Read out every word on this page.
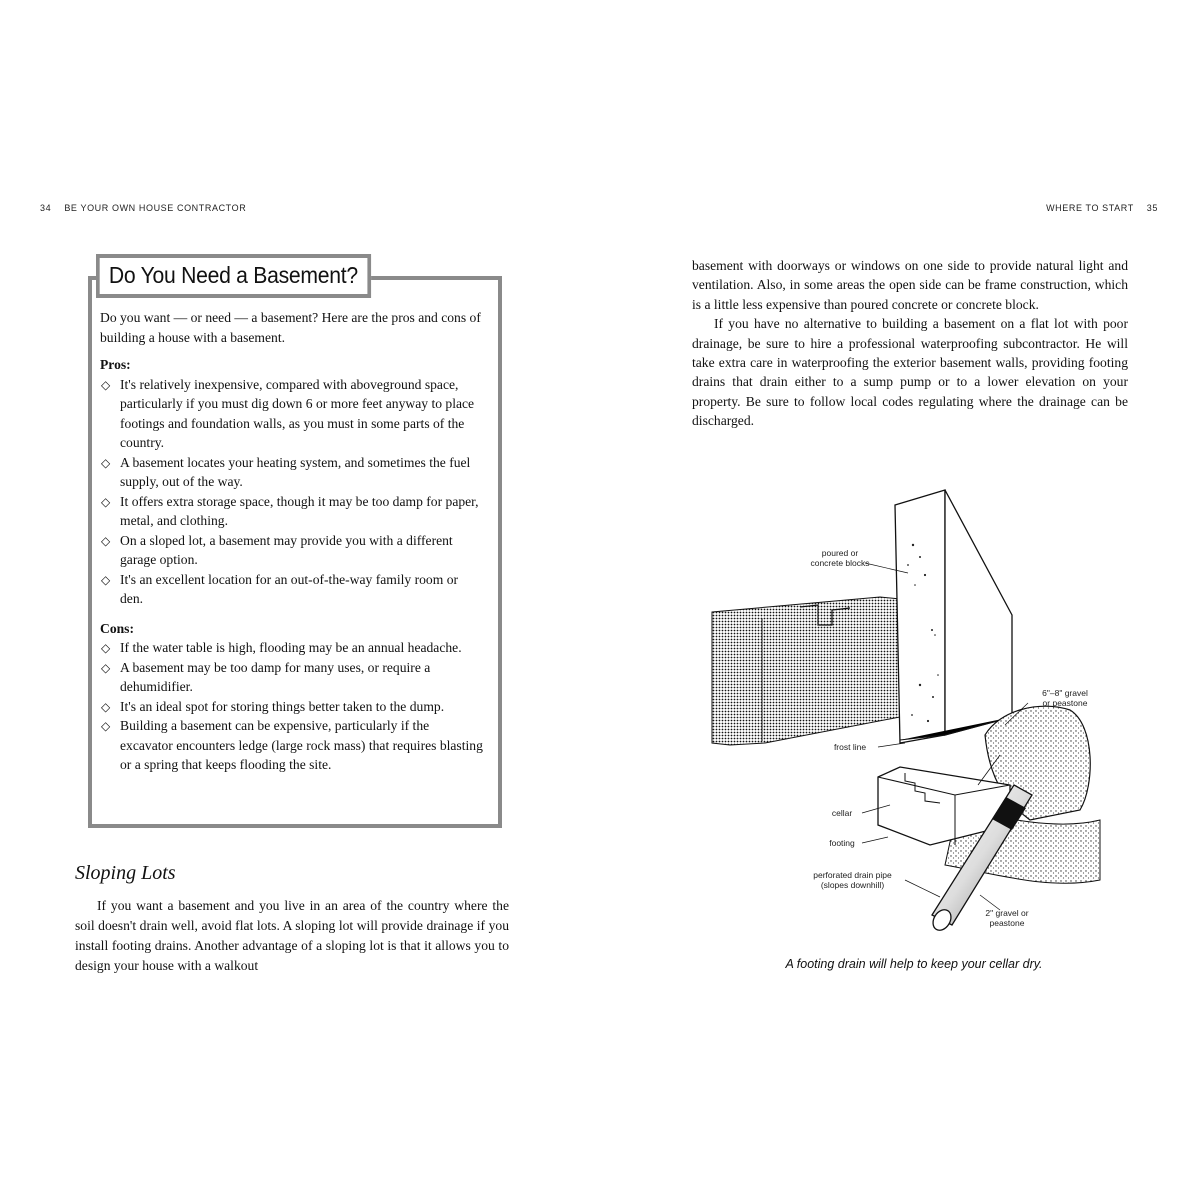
34 BE YOUR OWN HOUSE CONTRACTOR	WHERE TO START 35
Do You Need a Basement?

Do you want — or need — a basement? Here are the pros and cons of building a house with a basement.

Pros:
◇ It's relatively inexpensive, compared with aboveground space, particularly if you must dig down 6 or more feet anyway to place footings and foundation walls, as you must in some parts of the country.
◇ A basement locates your heating system, and sometimes the fuel supply, out of the way.
◇ It offers extra storage space, though it may be too damp for paper, metal, and clothing.
◇ On a sloped lot, a basement may provide you with a different garage option.
◇ It's an excellent location for an out-of-the-way family room or den.
Cons:
◇ If the water table is high, flooding may be an annual headache.
◇ A basement may be too damp for many uses, or require a dehumidifier.
◇ It's an ideal spot for storing things better taken to the dump.
◇ Building a basement can be expensive, particularly if the excavator encounters ledge (large rock mass) that requires blasting or a spring that keeps flooding the site.
Sloping Lots

If you want a basement and you live in an area of the country where the soil doesn't drain well, avoid flat lots. A sloping lot will provide drainage if you install footing drains. Another advantage of a sloping lot is that it allows you to design your house with a walkout

basement with doorways or windows on one side to provide natural light and ventilation. Also, in some areas the open side can be frame construction, which is a little less expensive than poured concrete or concrete block.

If you have no alternative to building a basement on a flat lot with poor drainage, be sure to hire a professional waterproofing subcontractor. He will take extra care in waterproofing the exterior basement walls, providing footing drains that drain either to a sump pump or to a lower elevation on your property. Be sure to follow local codes regulating where the drainage can be discharged.

poured or
concrete blocks
6"–8" gravel
or peastone
frost line
cellar
footing
perforated drain pipe
(slopes downhill)
2" gravel or
peastone
A footing drain will help to keep your cellar dry.
